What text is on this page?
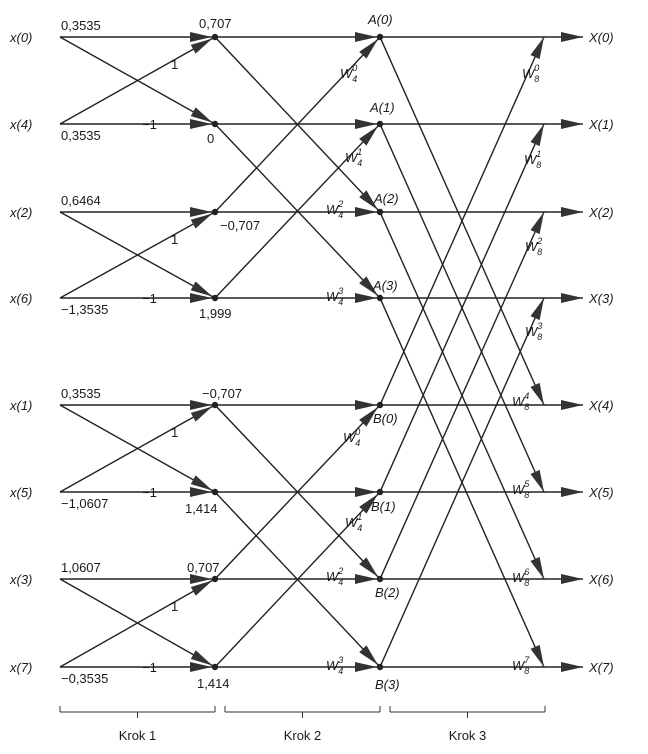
x(0)
0,3535
X(0)
x(4)
0,3535
X(1)
x(2)
0,6464
X(2)
x(6)
−1,3535
X(3)
x(1)
0,3535
X(4)
x(5)
−1,0607
X(5)
x(3)
1,0607
X(6)
x(7)
−0,3535
X(7)
0,707
0
−0,707
1,999
−0,707
1,414
0,707
1,414
1
−1
1
−1
1
−1
1
−1
A(0)
A(1)
A(2)
A(3)
B(0)
B(1)
B(2)
B(3)
$W^0$ 4
$W^1$ 4
$W^2$ 4
$W^3$ 4
$W^0$ 4
$W^1$ 4
$W^2$ 4
$W^3$ 4
$W^0$ 8
$W^1$ 8
$W^2$ 8
$W^3$ 8
$W^4$ 8
$W^5$ 8
$W^6$ 8
$W^7$ 8
Krok 1	Krok 2	Krok 3
